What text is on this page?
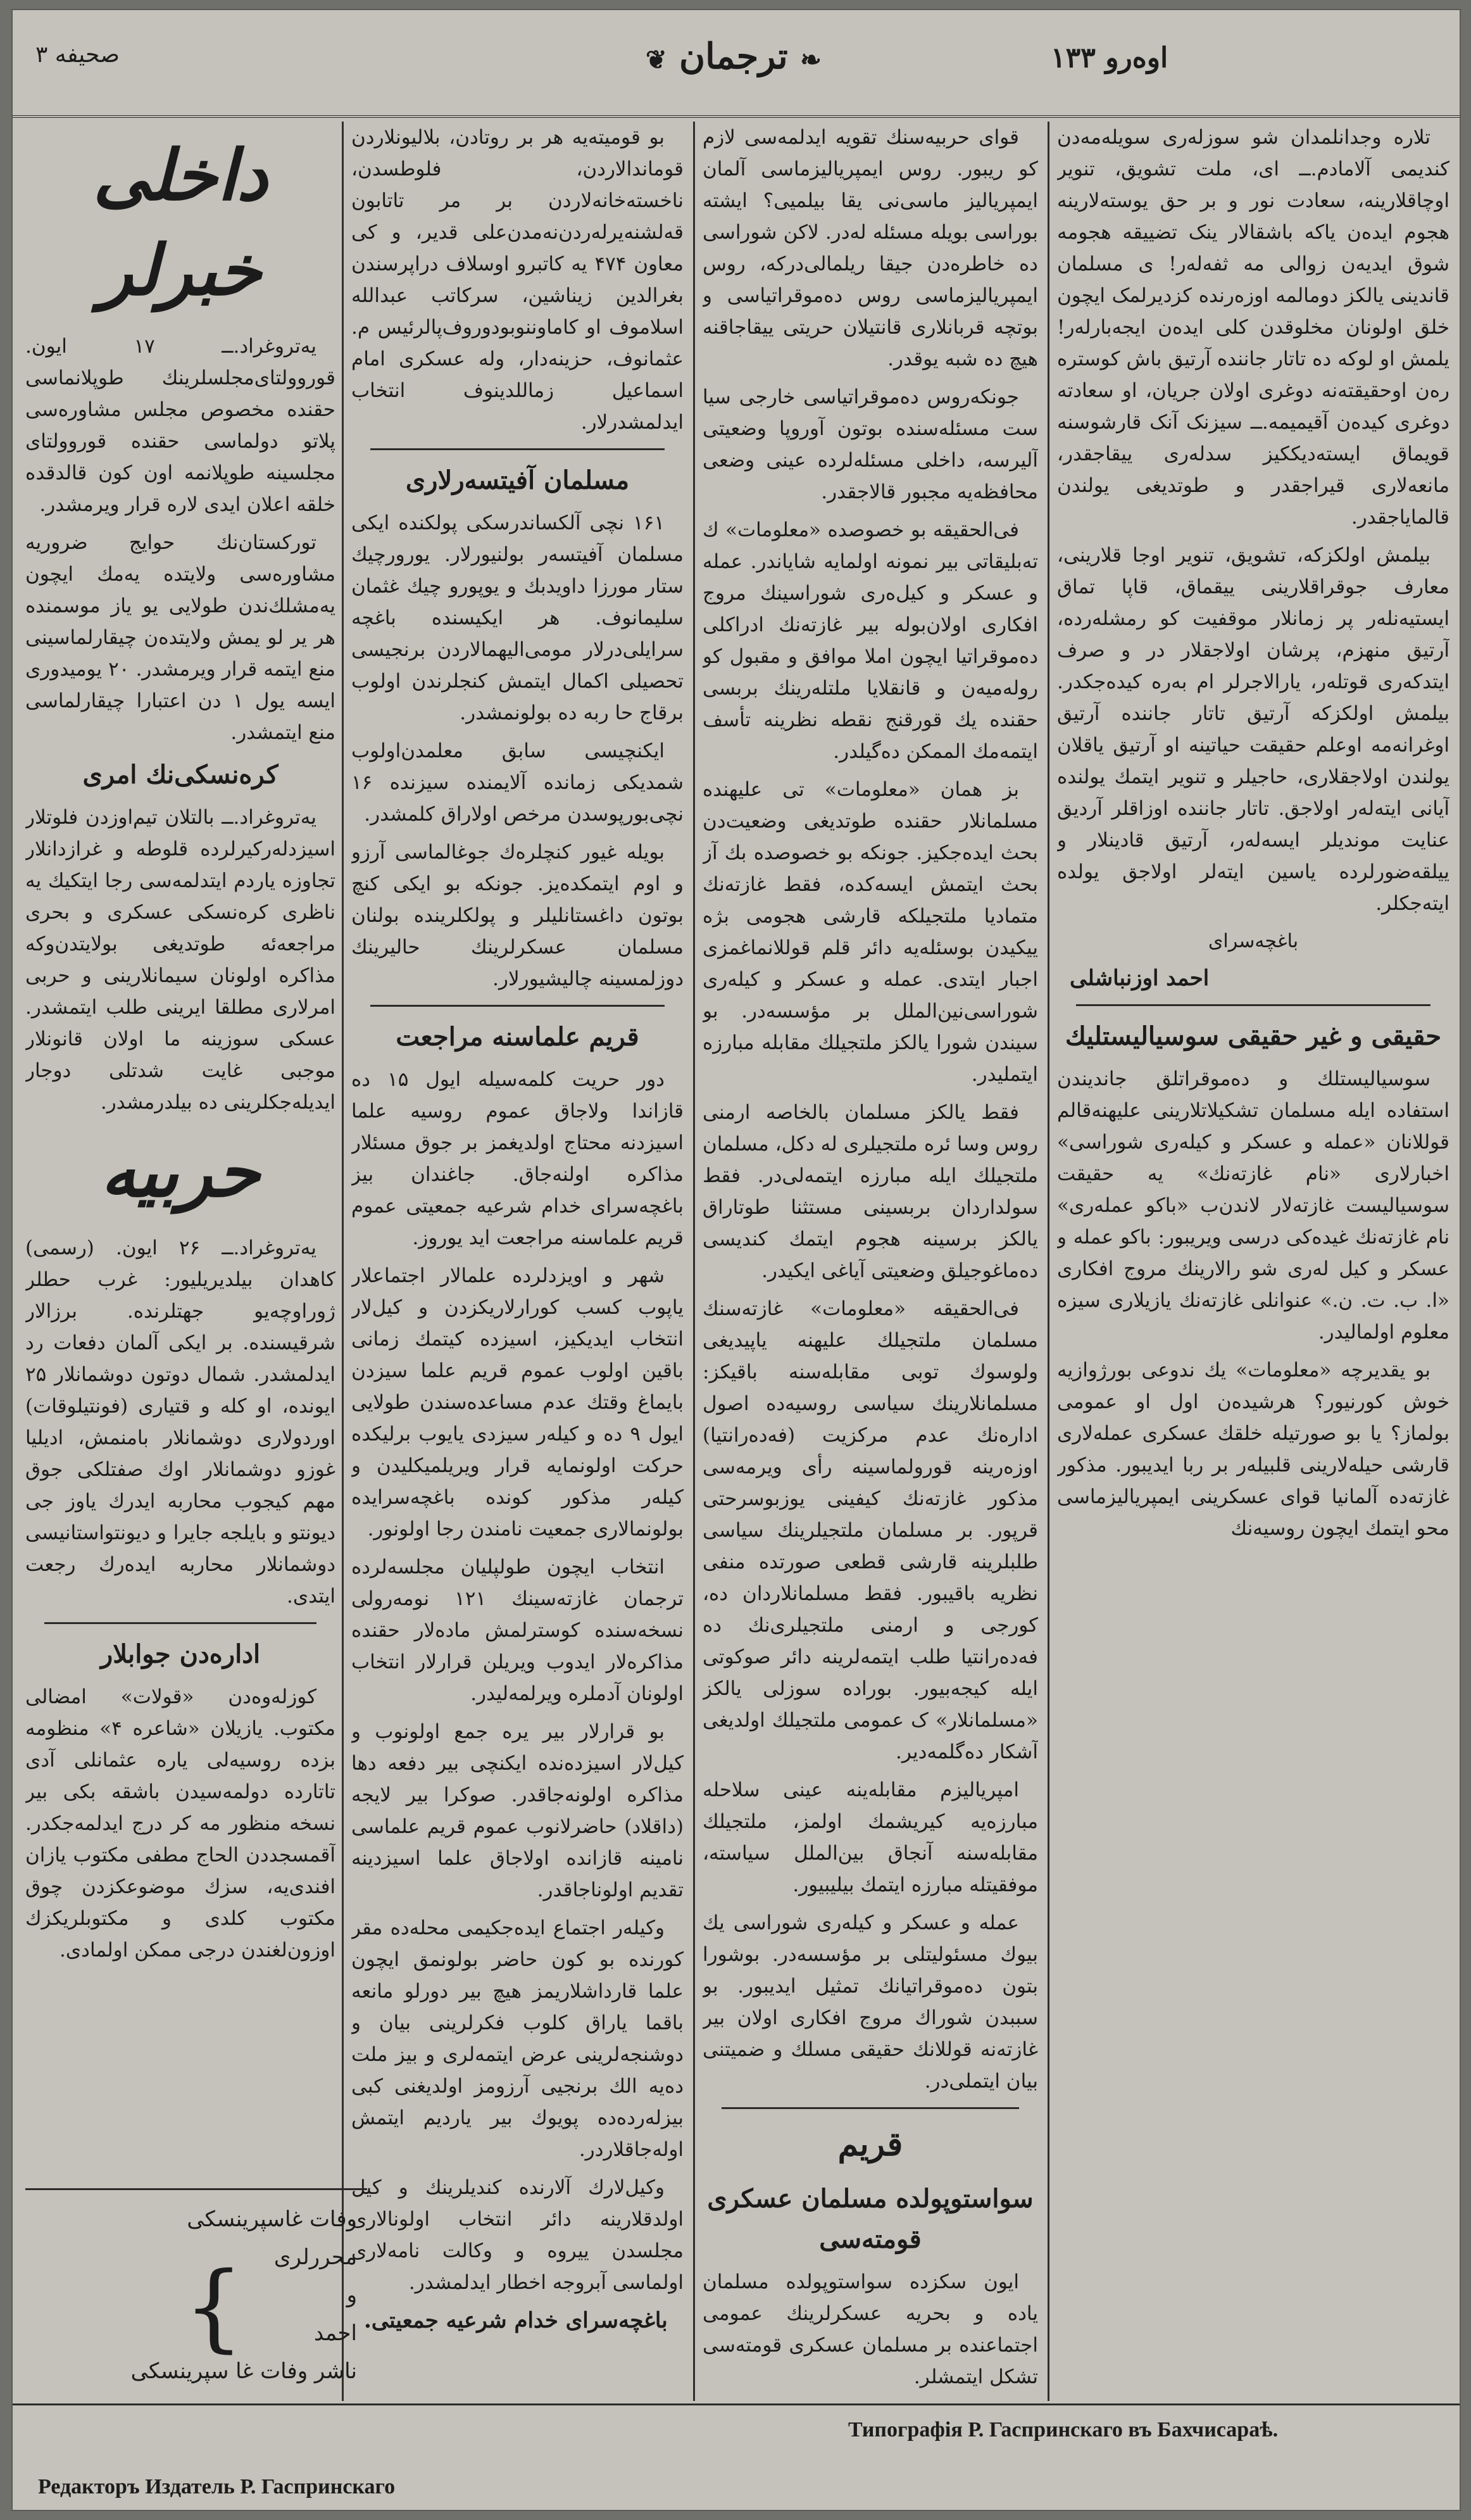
اوه‌رو ۱۳۳
❦ ترجمان ❧
صحیفه ۳

تلاره وجدانلمدان شو سوزلەری سویلەمەدن کنديمی آلامادم.ــ ای، ملت تشویق، تنویر اوچاقلارینه، سعادت نور و بر حق یوسته‌لارینه هجوم ایدەن یاکه باشقالار ینک تضییقه هجومه شوق ایدیەن زوالی مه ثفەلەر! ی مسلمان قاندینی یالکز دومالمه اوزەرنده کزدیرلمک ایچون خلق اولونان مخلوقدن کلی ایدەن ایجه‌بارلەر! یلمش او لوکه ده تاتار جاننده آرتیق باش کوسترە رەن اوحقیقتەنه دوغری اولان جریان، او سعادتە دوغری کیدەن آقیمیمه.ــ سیزنک آنک قارشوسنە قویماق ایستەدیککیز سدلەری ییقاجقدر، مانعەلاری قیراجقدر و طوتدیغی یولندن قالمایاجقدر.

بیلمش اولکزکە، تشویق، تنویر اوجا قلارینی، معارف جوقراقلارینی ییقماق، قاپا تماق ایستیەنلەر پر زمانلار موقفیت کو رمشلەردە، آرتیق منهزم، پرشان اولاجقلار در و صرف ایتدکەری قوتلەر، یارالاجرلر ام بەره کیده‌جکدر. بیلمش اولکزکە آرتیق تاتار جاننده آرتیق اوغرانەمه اوعلم حقیقت حیاتینە او آرتیق یاقلان یولندن اولاجقلاری، حاجیلر و تنویر ایتمك یولندە آیانی ایتەلەر اولاجق. تاتار جاننده اوزاقلر آردیق عنایت موندیلر ایسەلەر، آرتیق قادینلار و ییلقه‌ضورلردە یاسین ایتەلر اولاجق یولدە ایتەجکلر.

باغچه‌سرای
احمد اوزنباشلی
حقیقی و غیر حقیقی سوسیالیستلیك

سوسیالیستلك و دەموقراتلق جاندیندن استفاده ایله مسلمان تشکیلاتلارینی علیهنه‌قالم قوللانان «عمله و عسکر و کیلەری شوراسی» اخبارلاری «نام غازته‌نك» یه حقیقت سوسیالیست غازته‌لار لاندن‌ب «باکو عمله‌ری» نام غازته‌نك غیده‌کی درسی ویریبور: باکو عمله و عسکر و کیل لەری شو رالارینك مروج افکاری «ا. ب. ت. ن.» عنوانلی غازته‌نك یازیلاری سیزه معلوم اولمالیدر.

بو یقدیرچه «معلومات» یك ندوعی بورژوازیه خوش کورنیور؟ هرشیدەن اول او عمومی بولماز؟ یا بو صورتیله خلقك عسکری عمله‌لاری قارشی حیلەلارینی قلبیلەر بر ربا ایدیبور. مذکور غازته‌ده آلمانیا قوای عسکرینی ایمپریالیزماسی محو ایتمك ایچون روسیه‌نك

قوای حربیه‌سنك تقویه ایدلمه‌سی لازم کو ریبور. روس ایمپریالیزماسی آلمان ایمپریالیز ماسی‌نی یقا بیلمیی؟ ایشته بوراسی بویله مسئله لەدر. لاکن شوراسی ده خاطره‌دن جیقا ریلمالی‌دركه، روس ایمپریالیزماسی روس دەموقراتیاسی و بوتچه قربانلاری قانتیلان حریتی ییقاجاقنه هیچ ده شبه یوقدر.

جونکه‌روس دەموقراتیاسی خارجی سیا ست مسئله‌سنده بوتون آوروپا وضعیتی آلیرسه، داخلی مسئله‌لرده عینی وضعی محافظه‌یه مجبور قالاجقدر.

فی‌الحقیقه بو خصوصده «معلومات» ك تەبلیقاتی بیر نمونه اولمایه شایاندر. عمله و عسکر و کیل‌ەری شوراسینك مروج افکاری اولان‌بوله بیر غازته‌نك ادراکلی دەموقراتیا ایچون املا موافق و مقبول کو رولەمیەن و قانقلایا ملتلەرینك بربسی حقنده یك قورقنج نقطه نظرینه تأسف ایتمەمك الممکن دەگیلدر.

بز همان «معلومات» تی علیهنده مسلمانلار حقنده طوتدیغی وضعیت‌دن بحث ایدەجکیز. جونکه بو خصوصده بك آز بحث ایتمش ایسه‌کده، فقط غازته‌نك متمادیا ملتجیلکه قارشی هجومی بژه ییکیدن بوسئله‌یه دائر قلم قوللانماغمزی اجبار ایتدی. عمله و عسکر و کیلەری شوراسی‌نین‌الملل بر مؤسسه‌در. بو سیندن شورا یالکز ملتجیلك مقابله مبارزه ایتملیدر.

فقط یالکز مسلمان بالخاصه ارمنی روس وسا ئره ملتجیلری له دکل، مسلمان ملتجیلك ایله مبارزه ایتمه‌لی‌در. فقط سولداردان بربسینی مستثنا طوتاراق یالکز برسینه هجوم ایتمك کندیسی دەماغوجیلق وضعیتی آیاغی ایکیدر.

فی‌الحقیقه «معلومات» غازته‌سنك مسلمان ملتجیلك علیهنه یاپیدیغی ولوسوك توبی مقابله‌سنه باقیکز: مسلمانلارینك سیاسی روسیه‌ده اصول ادارەنك عدم مرکزیت (فەدەرانتیا) اوزەرینه قورولماسینه رأی ویرمه‌سی مذکور غازته‌نك کیفینی یوزبوسرحتی قرپور. بر مسلمان ملتجیلرینك سیاسی طلبلرینه قارشی قطعی صورتده منفی نظریه باقیبور. فقط مسلمانلاردان ده، کورجی و ارمنی ملتجیلری‌نك ده فەدەرانتیا طلب ایتمەلرینه دائر صوکوتی ایله کیجه‌بیور. بوراده سوزلی یالکز «مسلمانلار» ک عمومی ملتجیلك اولدیغی آشکار ده‌گلمه‌دیر.

امپریالیزم مقابله‌ینه عینی سلاحله مبارزه‌یه کیریشمك اولمز، ملتجیلك مقابله‌سنه آنجاق بین‌الملل سیاسته، موفقیتله مبارزه ایتمك بیلیبیور.

عمله و عسکر و کیلەری شوراسی یك بیوك مسئولیتلی بر مؤسسه‌در. بوشورا بتون دەموقراتیانك تمثیل ایدیبور. بو سببدن شوراك مروج افکاری اولان بیر غازته‌نه قوللانك حقیقی مسلك و ضمیتنی بیان ایتملی‌در.

قریم
سواستوپولده مسلمان عسکری قومتەسی

ایون سکزده سواستوپولده مسلمان یاده و بحریه عسکرلرینك عمومی اجتماعنده بر مسلمان عسکری قومتەسی تشکل ایتمشلر.

بو قومیته‌یه هر بر روتادن، بلالیونلاردن قوماندالاردن، فلوطسدن، ناخسته‌خانه‌لاردن بر مر تاتابون قەلشنەیرلەردن‌نەمدن‌علی قدیر، و کی معاون ۴۷۴ یه کاتبرو اوسلاف دراپرسندن بغرالدین زیناشین، سرکاتب عبدالله اسلاموف او کاماوننوبودوروف‌پالرئيس م. عثمانوف، حزینه‌دار، وله عسکری امام اسماعیل زماللدینوف انتخاب ایدلمشدرلار.

مسلمان آفیتسەرلاری

۱۶۱ نچی آلکساندرسکی پولکنده ایکی مسلمان آفیتسەر بولنیورلار. یورورچیك ستار مورزا داویدبك و یوپورو چیك غثمان سلیمانوف. هر ایکیسنده باغچه سرایلی‌درلار مومی‌الیهمالاردن برنجیسی تحصیلی اکمال ایتمش کنجلرندن اولوب برقاج حا ربه ده بولونمشدر.

ایکنچیسی سابق معلمدن‌اولوب شمدیکی زمانده آلایمنده سیزنده ۱۶ نچی‌بورپوسدن مرخص اولاراق کلمشدر.

بویله غیور کنچلرەك جوغالماسی آرزو و اوم ایتمکده‌یز. جونکه بو ایکی کنچ بوتون داغستانلیلر و پولکلرینده بولنان مسلمان عسکرلرینك حالیرینك دوزلمسینه چالیشیورلار.

قریم علماسنه مراجعت

دور حریت کلمه‌سیله ایول ۱۵ ده قازاندا ولاجاق عموم روسیه علما اسیزدنه محتاج اولدیغمز بر جوق مسئلار مذاکره اولنه‌جاق. جاغندان بیز باغچه‌سرای خدام شرعیه جمعیتی عموم قریم علماسنه مراجعت اید یوروز.

شهر و اویزدلرده علمالار اجتماعلار یاپوب کسب کورارلاریکزدن و کیل‌لار انتخاب ایدیکیز، اسیزده کیتمك زمانی باقین اولوب عموم قریم علما سیزدن بایماغ وقتك عدم مساعده‌سندن طولایی ایول ۹ ده و کیلەر سیزدی یایوب برلیکده حرکت اولونمایه قرار ویریلمیکلیدن و کیلەر مذکور کونده باغچه‌سرایده بولونمالاری جمعیت نامندن رجا اولونور.

انتخاب ایچون طولپلیان مجلسه‌لرده ترجمان غازته‌سینك ۱۲۱ نومەرولی نسخه‌سنده کوسترلمش مادەلار حقنده مذاکرەلار ایدوب ویریلن قرارلار انتخاب اولونان آدملره ویرلمه‌لیدر.

بو قرارلار بیر یره جمع اولونوب و کیل‌لار اسیزده‌نده ایکنچی بیر دفعه دها مذاکره اولونه‌جاقدر. صوکرا بیر لایجه (داقلاد) حاضرلانوب عموم قریم علماسی نامینه قازانده اولاجاق علما اسیزدینه تقدیم اولوناجاقدر.

وکیلەر اجتماع ایدەجکیمی محله‌ده مقر کورنده بو کون حاضر بولونمق ایچون علما قارداشلاریمز هیچ بیر دورلو مانعه باقما یاراق کلوب فکرلرینی بیان و دوشنجه‌لرینی عرض ایتمەلری و بیز ملت ده‌یه الك برنجیی آرزومز اولدیغنی کبی بیزلەرده‌ده پویوك بیر یاردیم ایتمش اوله‌جاقلاردر.

وکیل‌لارك آلارنده کندیلرینك و کیل اولدقلارینه دائر انتخاب اولونالاری مجلسدن ییروه و وکالت نامه‌لاری اولماسی آبروجه اخطار ایدلمشدر.

باغچه‌سرای خدام شرعیه جمعیتی.
داخلی خبرلر

یه‌تروغراد.ــ ۱۷ ایون. قوروولتای‌مجلسلرینك طوپلانماسی حقنده مخصوص مجلس مشاورەسی پلاتو دولماسی حقنده‌ قوروولتای مجلسینه طوپلانمه اون کون قالدقده خلقه اعلان ایدی لاره قرار ویرمشدر.

تورکستان‌نك حوایج ضروریه مشاورەسی ولایتده یه‌مك ایچون یه‌مشلك‌ندن طولایی یو یاز موسمنده هر یر لو یمش ولایتدەن چیقارلماسینی منع ایتمه قرار ویرمشدر. ۲۰ یومیدوری ایسه یول ۱ دن اعتبارا چیقارلماسی منع ایتمشدر.

کرەنسکی‌نك امری

یه‌تروغراد.ــ بالتلان تیم‌اوزدن فلوتلار اسیزدلەرکیرلرده قلوطه و غرازدانلار تجاوزه یاردم ایتدلمه‌سی رجا ایتکیك یه ناظری کرەنسکی عسکری و بحری مراجعه‌ئه طوتدیغی بولایتدن‌وکه مذاکره اولونان سیمانلارینی و حربی امرلاری مطلقا ایرینی طلب ایتمشدر. عسکی سوزینه ما اولان قانونلار موجبی غایت شدتلی دوجار ایدیله‌جکلرینی ده بیلدرمشدر.

حربیه

یه‌تروغراد.ــ ۲۶ ایون. (رسمی) کاهدان بیلدیریلیور: غرب حطلر ژوراوچه‌یو جهتلرنده. برزالار شرقیسنده. بر ایکی آلمان دفعات رد ایدلمشدر. شمال دوتون دوشمانلار ۲۵ ایونده، او کله و قتیاری (فونتیلوقات) اوردولاری دوشمانلار بامنمش، ادیلیا غوزو دوشمانلار اوك صفتلکی جوق مهم کیجوب محاربه ایدرك یاوز جی دیونتو و بایلجه جایرا و دیونتو‌استانیسی دوشمانلار محاربه ایده‌رك رجعت ایتدی.

ادارەدن جوابلار

کوزلەوەدن «قولات» امضالی مکتوب. یازیلان «شاعره ۴» منظومه بزده روسیه‌لی یاره عثمانلی آدی تاتارده دولمه‌سیدن باشقه بکی بیر نسخه منظور مه کر درج ایدلمەجکدر. آقمسجددن الحاج مطفی مکتوب یازان افندی‌یه، سزك موضوعکزدن چوق مکتوب کلدی و مکتوبلریکزك اوزون‌لغندن درجی ممکن اولمادی.

وفات غاسپرینسکی
محررلری
و
احمد
ناشر وفات غا سپرینسکی
}
Типографія Р. Гаспринскаго въ Бахчисараѣ.
Редакторъ Издатель Р. Гаспринскаго
